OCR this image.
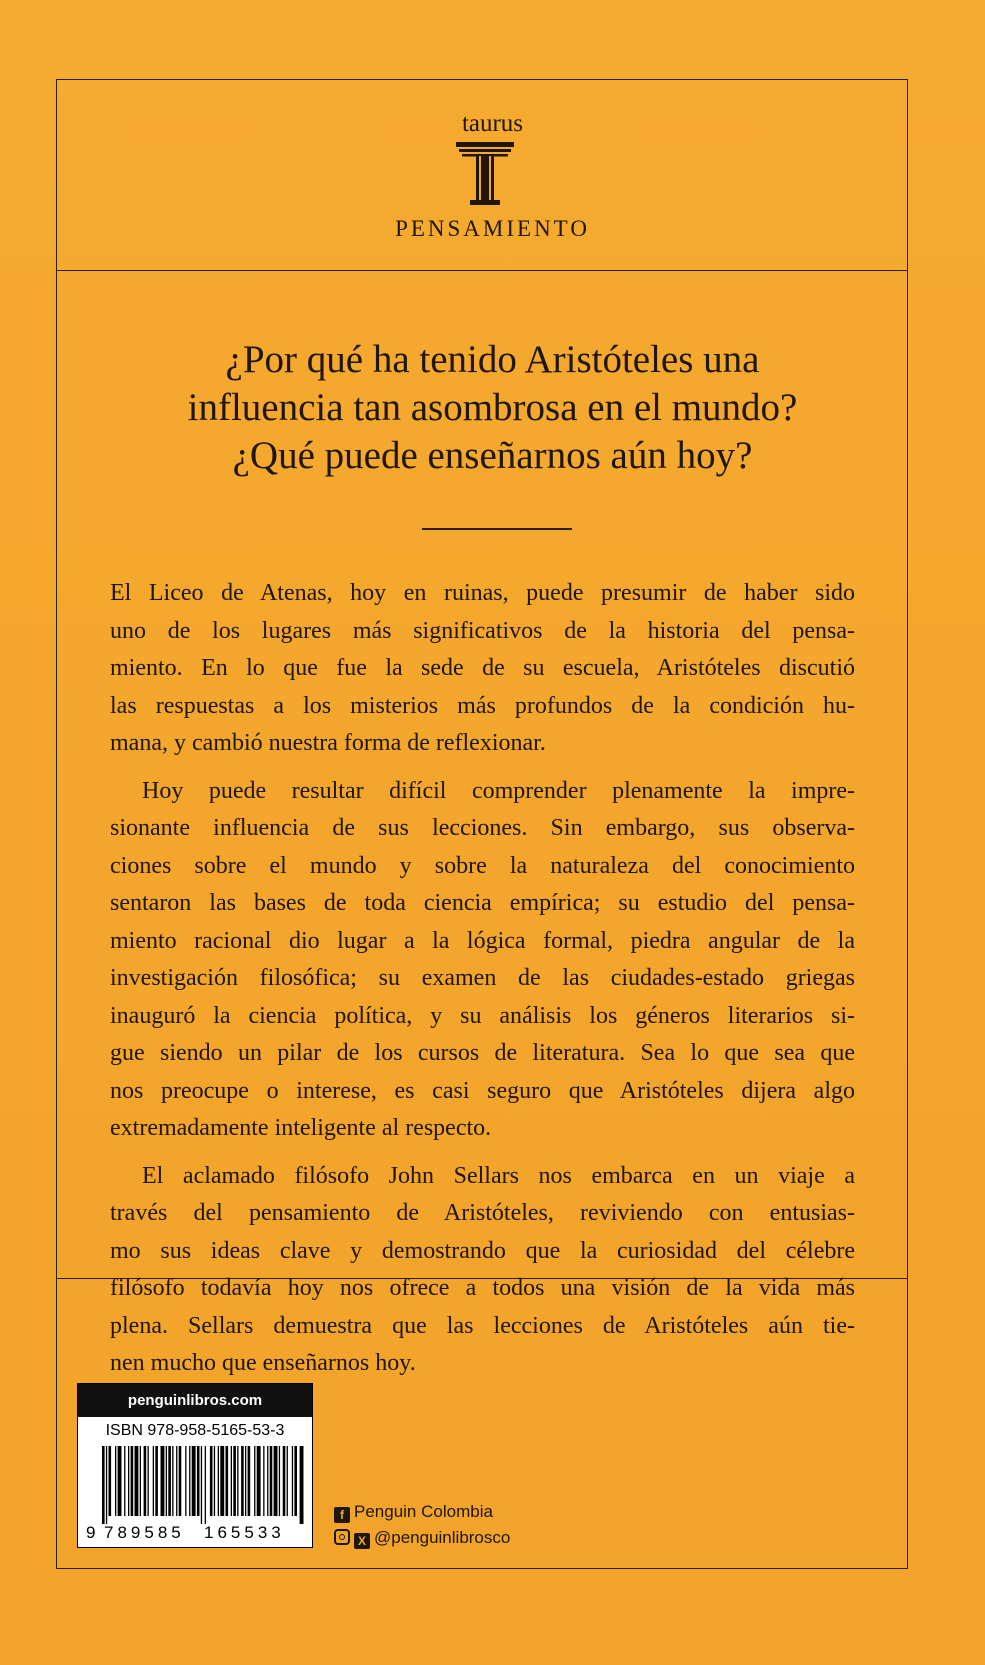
taurus
PENSAMIENTO
¿Por qué ha tenido Aristóteles una
influencia tan asombrosa en el mundo?
¿Qué puede enseñarnos aún hoy?

El Liceo de Atenas, hoy en ruinas, puede presumir de haber sido
uno de los lugares más significativos de la historia del pensa-
miento. En lo que fue la sede de su escuela, Aristóteles discutió
las respuestas a los misterios más profundos de la condición hu-
mana, y cambió nuestra forma de reflexionar.

Hoy puede resultar difícil comprender plenamente la impre-
sionante influencia de sus lecciones. Sin embargo, sus observa-
ciones sobre el mundo y sobre la naturaleza del conocimiento
sentaron las bases de toda ciencia empírica; su estudio del pensa-
miento racional dio lugar a la lógica formal, piedra angular de la
investigación filosófica; su examen de las ciudades-estado griegas
inauguró la ciencia política, y su análisis los géneros literarios si-
gue siendo un pilar de los cursos de literatura. Sea lo que sea que
nos preocupe o interese, es casi seguro que Aristóteles dijera algo
extremadamente inteligente al respecto.

El aclamado filósofo John Sellars nos embarca en un viaje a
través del pensamiento de Aristóteles, reviviendo con entusias-
mo sus ideas clave y demostrando que la curiosidad del célebre
filósofo todavía hoy nos ofrece a todos una visión de la vida más
plena. Sellars demuestra que las lecciones de Aristóteles aún tie-
nen mucho que enseñarnos hoy.

penguinlibros.com
ISBN 978-958-5165-53-3
9 789585 165533
f Penguin Colombia
X @penguinlibrosco
